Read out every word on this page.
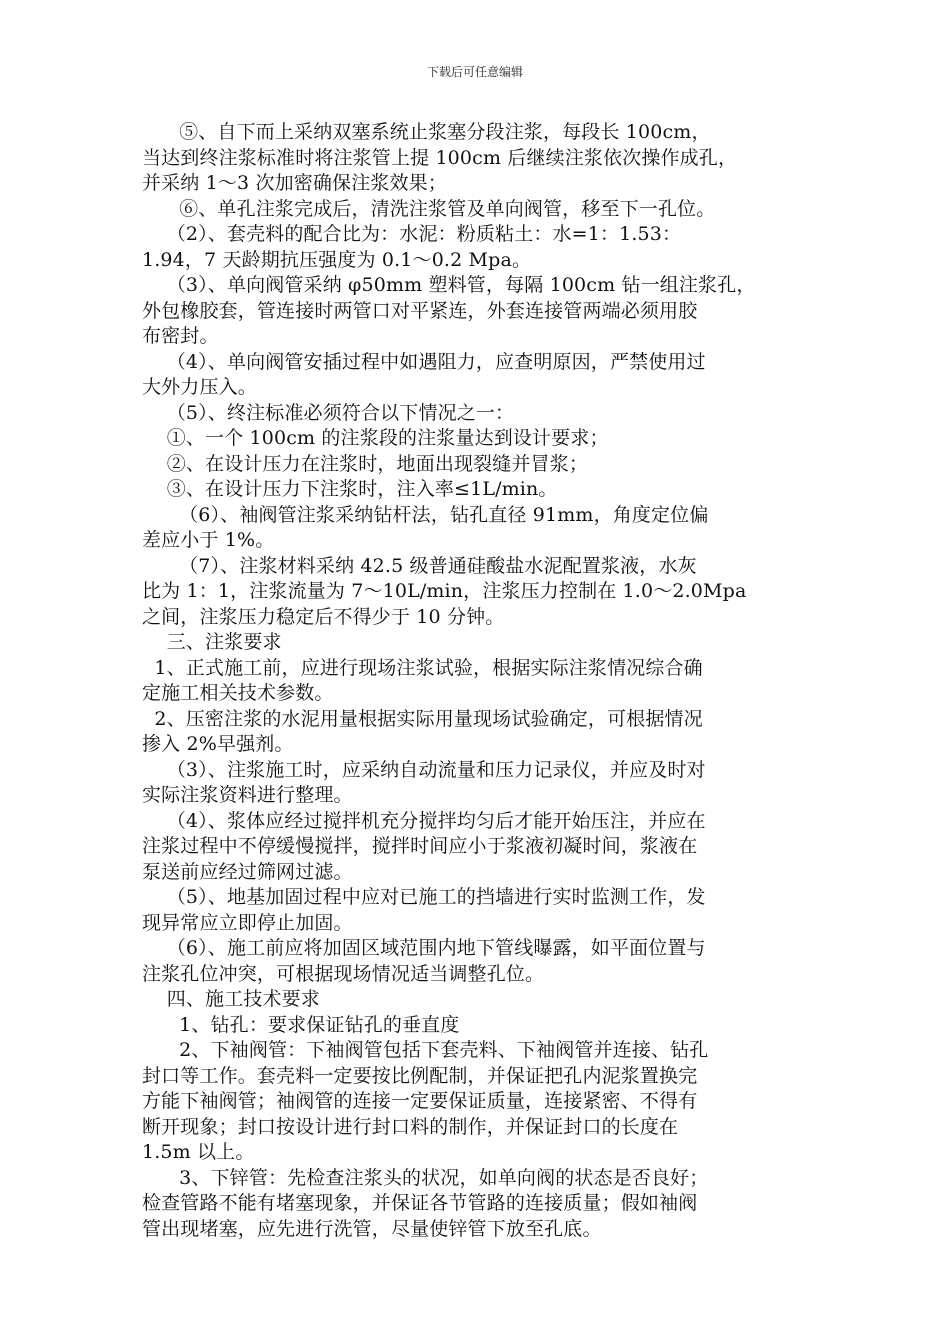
下载后可任意编辑
⑤、自下而上采纳双塞系统止浆塞分段注浆，每段长 100cm，
当达到终注浆标准时将注浆管上提 100cm 后继续注浆依次操作成孔，
并采纳 1～3 次加密确保注浆效果；
⑥、单孔注浆完成后，清洗注浆管及单向阀管，移至下一孔位。
（2）、套壳料的配合比为：水泥：粉质粘土：水=1：1.53：
1.94，7 天龄期抗压强度为 0.1～0.2 Mpa。
（3）、单向阀管采纳 φ50mm 塑料管，每隔 100cm 钻一组注浆孔，
外包橡胶套，管连接时两管口对平紧连，外套连接管两端必须用胶
布密封。
（4）、单向阀管安插过程中如遇阻力，应查明原因，严禁使用过
大外力压入。
（5）、终注标准必须符合以下情况之一：
①、一个 100cm 的注浆段的注浆量达到设计要求；
②、在设计压力在注浆时，地面出现裂缝并冒浆；
③、在设计压力下注浆时，注入率≤1L/min。
（6）、袖阀管注浆采纳钻杆法，钻孔直径 91mm，角度定位偏
差应小于 1%。
（7）、注浆材料采纳 42.5 级普通硅酸盐水泥配置浆液，水灰
比为 1：1，注浆流量为 7～10L/min，注浆压力控制在 1.0～2.0Mpa
之间，注浆压力稳定后不得少于 10 分钟。
三、注浆要求
1、正式施工前，应进行现场注浆试验，根据实际注浆情况综合确
定施工相关技术参数。
2、压密注浆的水泥用量根据实际用量现场试验确定，可根据情况
掺入 2%早强剂。
（3）、注浆施工时，应采纳自动流量和压力记录仪，并应及时对
实际注浆资料进行整理。
（4）、浆体应经过搅拌机充分搅拌均匀后才能开始压注，并应在
注浆过程中不停缓慢搅拌，搅拌时间应小于浆液初凝时间，浆液在
泵送前应经过筛网过滤。
（5）、地基加固过程中应对已施工的挡墙进行实时监测工作，发
现异常应立即停止加固。
（6）、施工前应将加固区域范围内地下管线曝露，如平面位置与
注浆孔位冲突，可根据现场情况适当调整孔位。
四、施工技术要求
1、钻孔：要求保证钻孔的垂直度
2、下袖阀管：下袖阀管包括下套壳料、下袖阀管并连接、钻孔
封口等工作。套壳料一定要按比例配制，并保证把孔内泥浆置换完
方能下袖阀管；袖阀管的连接一定要保证质量，连接紧密、不得有
断开现象；封口按设计进行封口料的制作，并保证封口的长度在
1.5m 以上。
3、下锌管：先检查注浆头的状况，如单向阀的状态是否良好；
检查管路不能有堵塞现象，并保证各节管路的连接质量；假如袖阀
管出现堵塞，应先进行洗管，尽量使锌管下放至孔底。
